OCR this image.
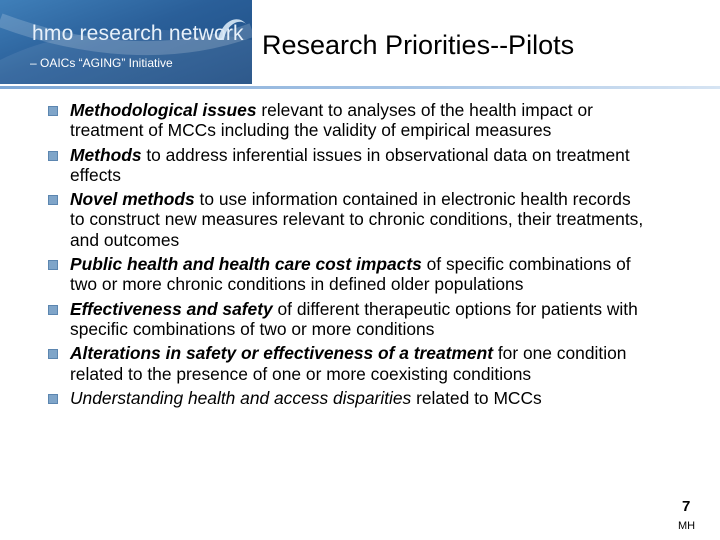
hmo research network
– OAICs “AGING” Initiative
Research Priorities--Pilots
Methodological issues relevant to analyses of the health impact or treatment of MCCs including the validity of empirical measures
Methods to address inferential issues in observational data on treatment effects
Novel methods to use information contained in electronic health records to construct new measures relevant to chronic conditions, their treatments, and outcomes
Public health and health care cost impacts of specific combinations of two or more chronic conditions in defined older populations
Effectiveness and safety of different therapeutic options for patients with specific combinations of two or more conditions
Alterations in safety or effectiveness of a treatment for one condition related to the presence of one or more coexisting conditions
Understanding health and access disparities related to MCCs
7
MH
